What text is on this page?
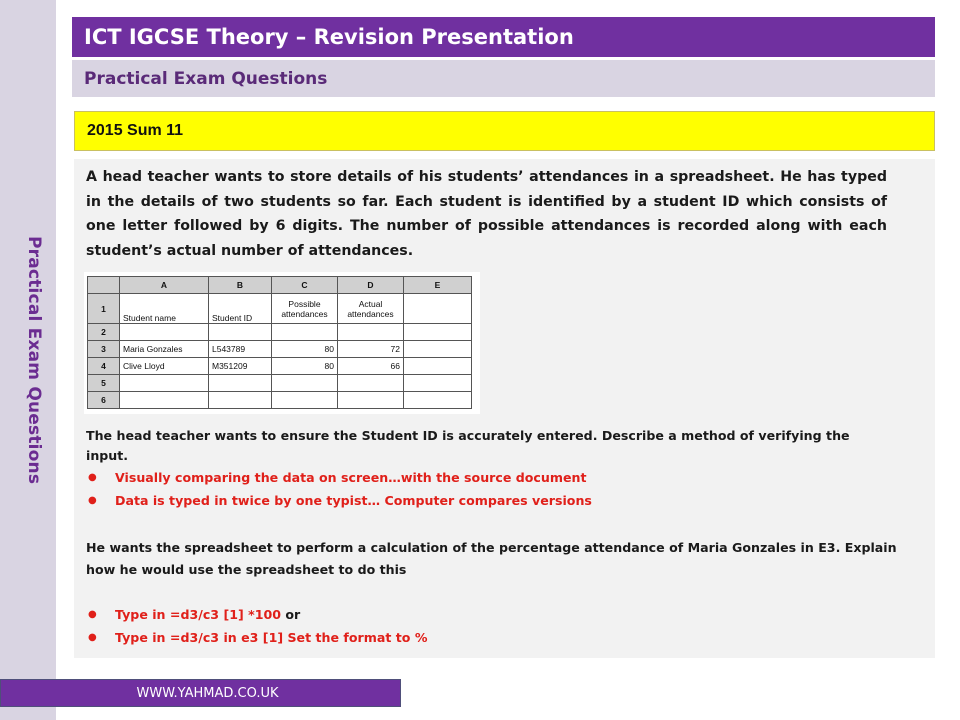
Practical Exam Questions
ICT IGCSE Theory – Revision Presentation
Practical Exam Questions
2015 Sum 11

A head teacher wants to store details of his students’ attendances in a spreadsheet. He has typed in the details of two students so far. Each student is identified by a student ID which consists of one letter followed by 6 digits. The number of possible attendances is recorded along with each student’s actual number of attendances.

	A	B	C	D	E
1	Student name	Student ID	Possible attendances	Actual attendances	
2					
3	Maria Gonzales	L543789	80	72	
4	Clive Lloyd	M351209	80	66	
5					
6					

The head teacher wants to ensure the Student ID is accurately entered. Describe a method of verifying the input.

● Visually comparing the data on screen…with the source document
● Data is typed in twice by one typist… Computer compares versions

He wants the spreadsheet to perform a calculation of the percentage attendance of Maria Gonzales in E3. Explain how he would use the spreadsheet to do this

● Type in =d3/c3 [1] *100 or
● Type in =d3/c3 in e3 [1] Set the format to %
WWW.YAHMAD.CO.UK
